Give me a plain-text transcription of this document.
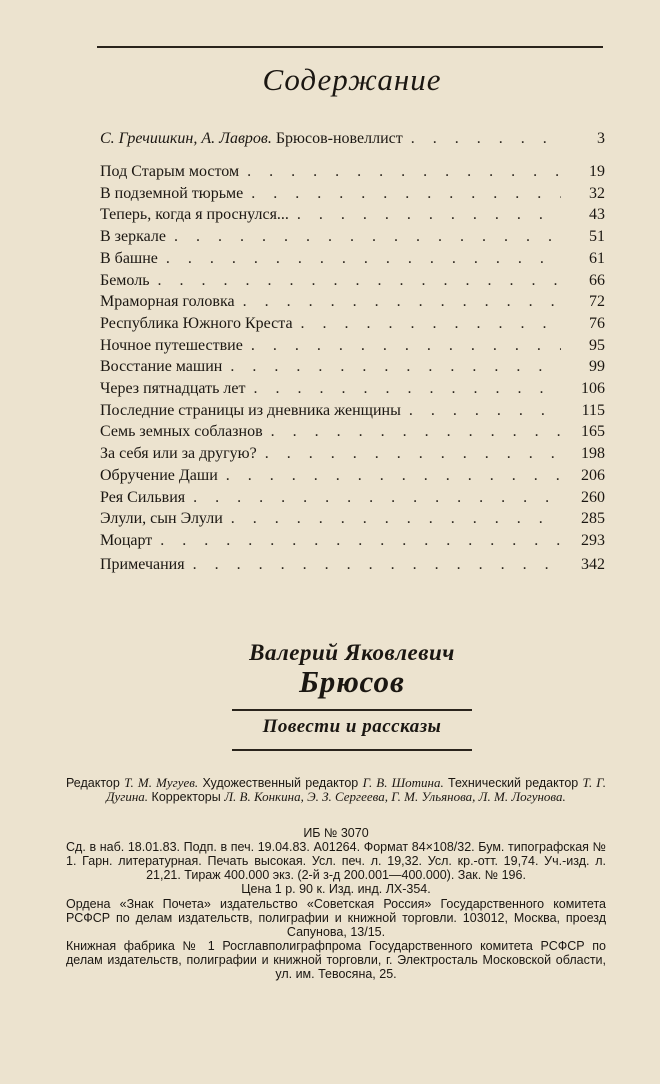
Содержание
С. Гречишкин, А. Лавров. Брюсов-новеллист . . .	3
Под Старым мостом . . .	19
В подземной тюрьме . . .	32
Теперь, когда я проснулся... . . .	43
В зеркале . . .	51
В башне . . .	61
Бемоль . . .	66
Мраморная головка . . .	72
Республика Южного Креста . . .	76
Ночное путешествие . . .	95
Восстание машин . . .	99
Через пятнадцать лет . . .	106
Последние страницы из дневника женщины . . .	115
Семь земных соблазнов . . .	165
За себя или за другую? . . .	198
Обручение Даши . . .	206
Рея Сильвия . . .	260
Элули, сын Элули . . .	285
Моцарт . . .	293
Примечания . . .	342
Валерий Яковлевич
Брюсов
Повести и рассказы
Редактор Т. М. Мугуев. Художественный редактор Г. В. Шотина. Технический редактор Т. Г. Дугина. Корректоры Л. В. Конкина, Э. З. Сергеева, Г. М. Ульянова, Л. М. Логунова.
ИБ № 3070
Сд. в наб. 18.01.83. Подп. в печ. 19.04.83. А01264. Формат 84×108/32. Бум. типографская № 1. Гарн. литературная. Печать высокая. Усл. печ. л. 19,32. Усл. кр.-отт. 19,74. Уч.-изд. л. 21,21. Тираж 400.000 экз. (2-й з-д 200.001—400.000). Зак. № 196.
Цена 1 р. 90 к. Изд. инд. ЛХ-354.
Ордена «Знак Почета» издательство «Советская Россия» Государственного комитета РСФСР по делам издательств, полиграфии и книжной торговли. 103012, Москва, проезд Сапунова, 13/15.
Книжная фабрика № 1 Росглавполиграфпрома Государственного комитета РСФСР по делам издательств, полиграфии и книжной торговли, г. Электросталь Московской области, ул. им. Тевосяна, 25.
